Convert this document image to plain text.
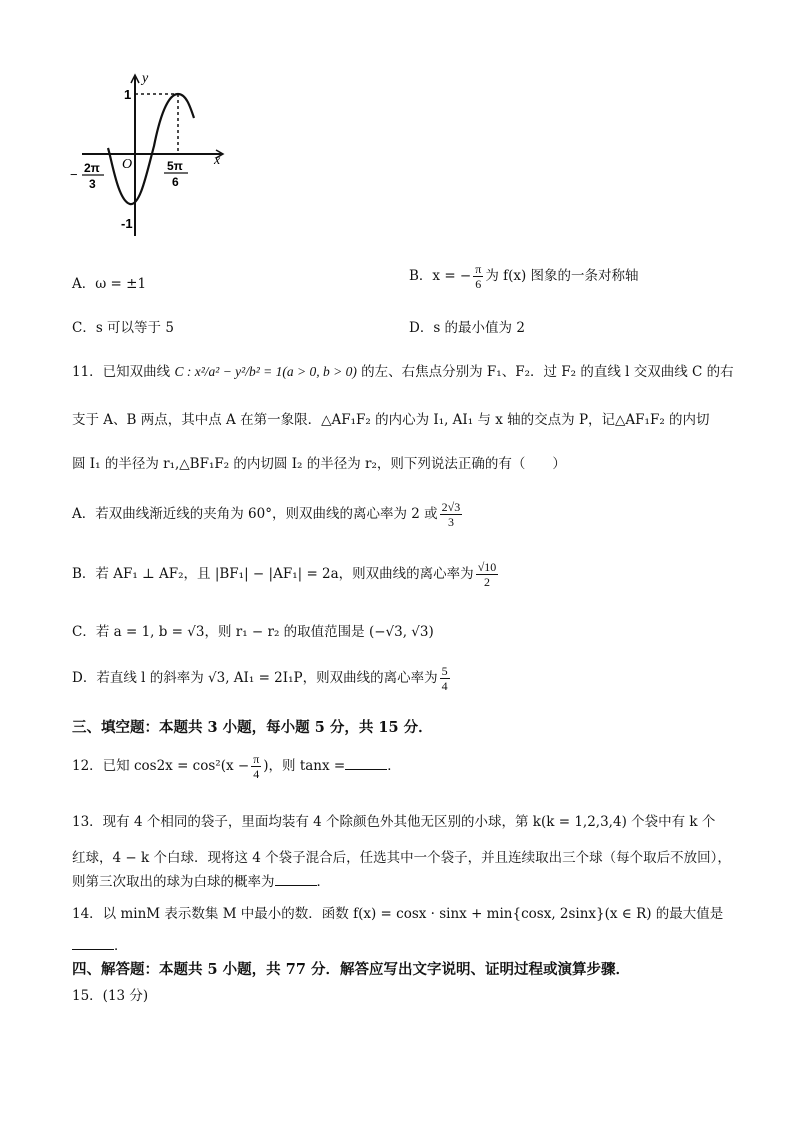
y
x
O
1
-1
− 2π
3
5π
6
A．ω = ±1	B．x = − $\frac{\pi}{6}$ 为 f(x) 图象的一条对称轴
C．s 可以等于 5	D．s 的最小值为 2
11．已知双曲线 C : x²/a² − y²/b² = 1(a > 0, b > 0) 的左、右焦点分别为 F₁、F₂．过 F₂ 的直线 l 交双曲线 C 的右
支于 A、B 两点，其中点 A 在第一象限．△AF₁F₂ 的内心为 I₁, AI₁ 与 x 轴的交点为 P，记△AF₁F₂ 的内切
圆 I₁ 的半径为 r₁,△BF₁F₂ 的内切圆 I₂ 的半径为 r₂，则下列说法正确的有（　　）
A．若双曲线渐近线的夹角为 60°，则双曲线的离心率为 2 或 $\frac{2√3}{3}$
B．若 AF₁ ⊥ AF₂，且 |BF₁| − |AF₁| = 2a，则双曲线的离心率为 $\frac{√10}{2}$
C．若 a = 1, b = √3，则 r₁ − r₂ 的取值范围是 (−√3, √3)
D．若直线 l 的斜率为 √3, AI₁ = 2I₁P，则双曲线的离心率为 $\frac{5}{4}$
三、填空题：本题共 3 小题，每小题 5 分，共 15 分．
12．已知 $\cos 2x = \cos^2(x - \frac{\pi}{4}$ )，则 tanx =	．
13．现有 4 个相同的袋子，里面均装有 4 个除颜色外其他无区别的小球，第 k(k = 1,2,3,4) 个袋中有 k 个
红球，4 − k 个白球．现将这 4 个袋子混合后，任选其中一个袋子，并且连续取出三个球（每个取后不放回），
则第三次取出的球为白球的概率为	．
14．以 minM 表示数集 M 中最小的数．函数 f(x) = cosx · sinx + min{cosx, 2sinx}(x ∈ R) 的最大值是
．
四、解答题：本题共 5 小题，共 77 分．解答应写出文字说明、证明过程或演算步骤．
15．(13 分)
